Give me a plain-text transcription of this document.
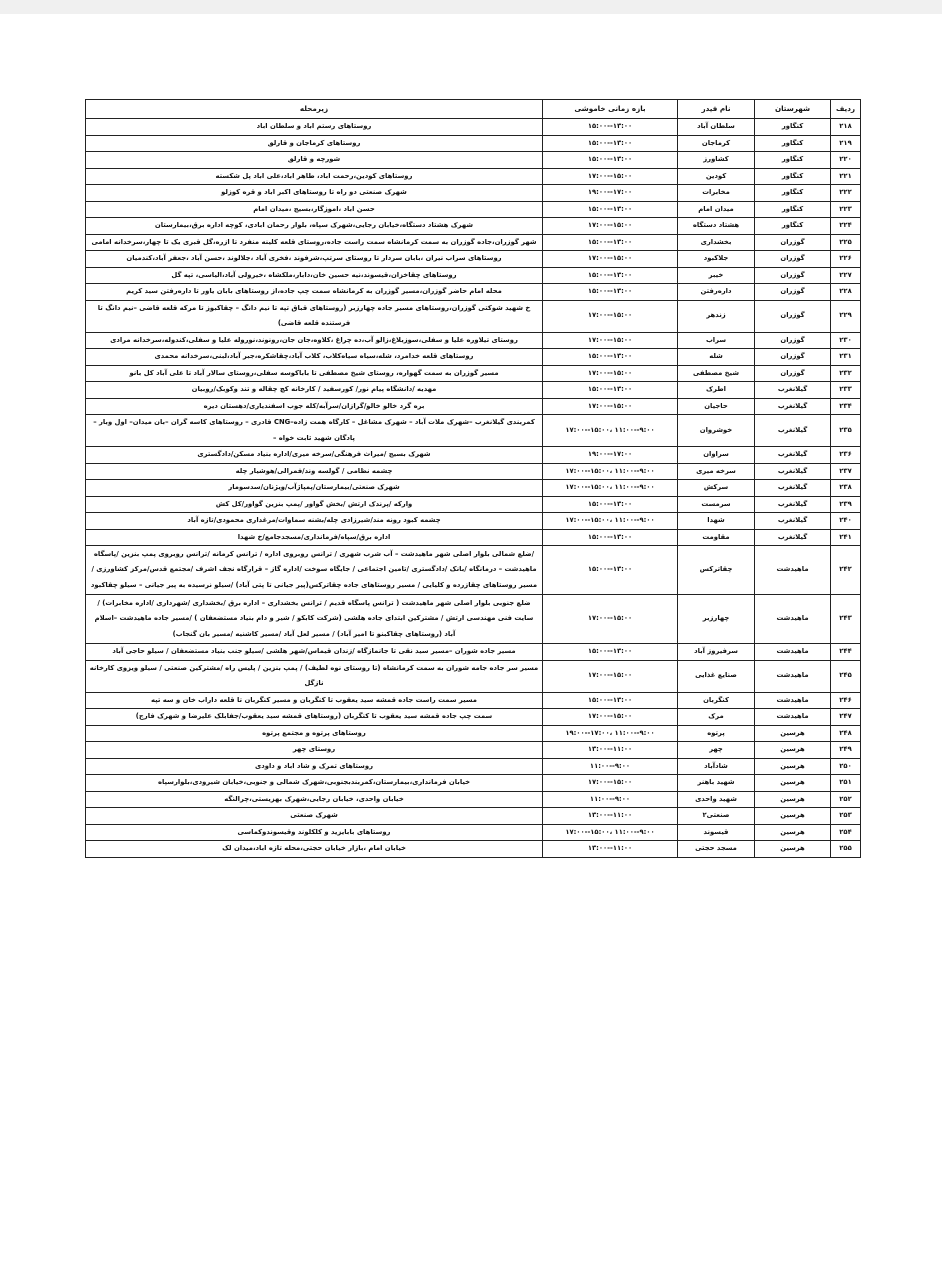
ردیف	شهرستان	نام فیدر	بازه زمانی خاموشی	زیرمحله
۲۱۸	کنگاور	سلطان آباد	۱۳:۰۰--۱۵:۰۰	روستاهای رستم اباد و سلطان اباد
۲۱۹	کنگاور	کرماجان	۱۳:۰۰--۱۵:۰۰	روستاهای کرماجان و قارلق
۲۲۰	کنگاور	کشاورز	۱۳:۰۰--۱۵:۰۰	شورچه و قارلق
۲۲۱	کنگاور	کودین	۱۵:۰۰--۱۷:۰۰	روستاهای کودین،رحمت اباد، طاهر اباد،علی اباد پل شکسته
۲۲۲	کنگاور	مخابرات	۱۷:۰۰--۱۹:۰۰	شهرک صنعتی دو راه تا روستاهای اکبر اباد و قره کوزلو
۲۲۳	کنگاور	میدان امام	۱۳:۰۰--۱۵:۰۰	حسن اباد ،اموزگار،بسیج ،میدان امام
۲۲۴	کنگاور	هشتاد دستگاه	۱۵:۰۰--۱۷:۰۰	شهرک هشتاد دستگاه،خیابان رجایی،شهرک سپاه، بلوار رحمان ابادی، کوچه اداره برق،بیمارستان
۲۲۵	گوزران	بخشداری	۱۳:۰۰--۱۵:۰۰	شهر گوزران،جاده گوزران به سمت کرمانشاه سمت راست جاده،روستای قلعه کلینه منفرد تا ازره،گل قبری یک تا چهار،سرخدانه امامی
۲۲۶	گوزران	جلاکبود	۱۵:۰۰--۱۷:۰۰	روستاهای سراب نیران ،بابان سردار تا روستای سرتپ،شرفوند ،فخری آباد ،جلالوند ،حسن آباد ،جعفر آباد،کندمیان
۲۲۷	گوزران	خیبر	۱۳:۰۰--۱۵:۰۰	روستاهای چقاخزان،قیسوند،نیه حسین خان،دابار،ملکشاه ،خیرولی آباد،الیاسی، تپه گل
۲۲۸	گوزران	داره‌رفتن	۱۳:۰۰--۱۵:۰۰	محله امام حاضر گوزران،مسیر گوزران به کرمانشاه سمت چپ جاده،از روستاهای بابان یاور تا داره‌رفتن سید کریم
۲۲۹	گوزران	زندهر	۱۵:۰۰--۱۷:۰۰	خ شهید شوکتی گوزران،روستاهای مسیر جاده چهارزبر (روستاهای قباق تپه تا نیم دانگ – چقاکبوز تا مرکه قلعه قاضی –نیم دانگ تا فرستنده قلعه قاضی)
۲۳۰	گوزران	سراب	۱۵:۰۰--۱۷:۰۰	روستای تیلاوره علیا و سفلی،سوزبلاغ،زالو آب،ده چراغ ،کلاوه،جان جان،رونوند،نوروله علیا و سفلی،کندوله،سرخدانه مرادی
۲۳۱	گوزران	شله	۱۳:۰۰--۱۵:۰۰	روستاهای قلعه خدامرد، شله،سیاه سیاه‌کلاب، کلاب آباد،چقاشکره،جبر آباد،لبنی،سرخدانه محمدی
۲۳۲	گوزران	شیخ مصطفی	۱۵:۰۰--۱۷:۰۰	مسیر گوزران به سمت گهواره، روستای شیخ مصطفی تا باباکوسه سفلی،روستای سالار آباد تا علی آباد کل بانو
۲۳۳	گیلانغرب	اطرک	۱۳:۰۰--۱۵:۰۰	مهدیه /دانشگاه پیام نور/ کورسفید / کارخانه کچ چقاله و تند وکوبک/روبیان
۲۳۴	گیلانغرب	حاجیان	۱۵:۰۰--۱۷:۰۰	بره گرد خالو خالو/گرازان/سرآبه/کله جوب اسفندیاری/دهستان دیره
۲۳۵	گیلانغرب	خوشروان	۹:۰۰--۱۱:۰۰ ،۱۵:۰۰--۱۷:۰۰	کمربندی گیلانغرب –شهرک ملات آباد – شهرک مشاغل – کارگاه همت زاده–CNG قادری – روستاهای کاسه گران –بان میدان– اول وبار – پادگان شهید ثابت خواه –
۲۳۶	گیلانغرب	سراوان	۱۷:۰۰--۱۹:۰۰	شهرک بسیج /میراث فرهنگی/سرخه میری/اداره بنیاد مسکن/دادگستری
۲۳۷	گیلانغرب	سرخه میری	۹:۰۰--۱۱:۰۰ ،۱۵:۰۰--۱۷:۰۰	چشمه نظامی / گولسه وند/فمرالی/هوشیار چله
۲۳۸	گیلانغرب	سرکش	۹:۰۰--۱۱:۰۰ ،۱۵:۰۰--۱۷:۰۰	شهرک صنعتی/بیمارستان/پمپاژآب/ویژنان/سدسومار
۲۳۹	گیلانغرب	سرمست	۱۳:۰۰--۱۵:۰۰	وارکه /پرندک ارتش /بخش گواور /پمپ بنزین گواور/کل کش
۲۴۰	گیلانغرب	شهدا	۹:۰۰--۱۱:۰۰ ،۱۵:۰۰--۱۷:۰۰	چشمه کبود رونه مند/شیرزادی چله/بشنه سماوات/مرغداری محمودی/تازه آباد
۲۴۱	گیلانغرب	مقاومت	۱۳:۰۰--۱۵:۰۰	اداره برق/سپاه/فرمانداری/مسجدجامع/خ شهدا
۲۴۲	ماهیدشت	چقاترکس	۱۳:۰۰--۱۵:۰۰	/ضلع شمالی بلوار اصلی شهر ماهیدشت – آب شرب شهری / ترانس روبروی اداره / ترانس کرمانه /ترانس روبروی پمپ بنزین /پاسگاه ماهیدشت – درمانگاه /بانک /دادگستری /تامین اجتماعی / جایگاه سوخت /اداره گاز – قرارگاه نجف اشرف /مجتمع قدس/مرکز کشاورزی /مسیر روستاهای چقازرده و کلیایی / مسیر روستاهای جاده چقاترکس(پیر جیانی تا پتی آباد) /سیلو نرسیده به پیر جیانی – سیلو چقاکبود
۲۴۳	ماهیدشت	چهارزبر	۱۵:۰۰--۱۷:۰۰	ضلع جنوبی بلوار اصلی شهر ماهیدشت ( ترانس پاسگاه قدیم / ترانس بخشداری – اداره برق /بخشداری /شهرداری /اداره مخابرات) /سایت فنی مهندسی ارتش / مشترکین ابتدای جاده هلشی (شرکت کابکو / شیر و دام بنیاد مستضعفان ) /مسیر جاده ماهیدشت –اسلام آباد (روستاهای چقاکبنو تا امیر آباد) / مسیر لعل آباد /مسیر کاشنیه /مسیر بان گنجاب)
۲۴۴	ماهیدشت	سرفیروز آباد	۱۳:۰۰--۱۵:۰۰	مسیر جاده شوران –مسیر سید نقی تا جانمازگاه /زندان قیماس/شهر هلشی /سیلو جنب بنیاد مستضعفان / سیلو حاجی آباد
۲۴۵	ماهیدشت	صنایع غذایی	۱۵:۰۰--۱۷:۰۰	مسیر سر جاده جامه شوران به سمت کرمانشاه (تا روستای نوه لطیف) / پمپ بنزین / پلیس راه /مشترکین صنعتی / سیلو ویزوی کارخانه نازگل
۲۴۶	ماهیدشت	کنگربان	۱۳:۰۰--۱۵:۰۰	مسیر سمت راست جاده قمشه سید یعقوب تا کنگربان و مسیر کنگربان تا قلعه داراب خان و سه تپه
۲۴۷	ماهیدشت	مرک	۱۵:۰۰--۱۷:۰۰	سمت چپ جاده قمشه سید یعقوب تا کنگربان (روستاهای قمشه سید یعقوب/جفابلک علیرضا و شهرک فارج)
۲۴۸	هرسین	پرتوه	۹:۰۰--۱۱:۰۰ ،۱۷:۰۰--۱۹:۰۰	روستاهای پرتوه و مجتمع پرتوه
۲۴۹	هرسین	چهر	۱۱:۰۰--۱۳:۰۰	روستای چهر
۲۵۰	هرسین	شادآباد	۹:۰۰--۱۱:۰۰	روستاهای تمرک و شاد اباد و داودی
۲۵۱	هرسین	شهید باهنر	۱۵:۰۰--۱۷:۰۰	خیابان فرمانداری،بیمارستان،کمربندبجنوبی،شهرک شمالی و جنوبی،خیابان شیرودی،بلوارسپاه
۲۵۲	هرسین	شهید واحدی	۹:۰۰--۱۱:۰۰	خیابان واحدی، خیابان رجایی،شهرک بهزیستی،چرالنگه
۲۵۳	هرسین	صنعتی۲	۱۱:۰۰--۱۳:۰۰	شهرک صنعتی
۲۵۴	هرسین	قیسوند	۹:۰۰--۱۱:۰۰ ،۱۵:۰۰--۱۷:۰۰	روستاهای بابایزید و کلکلوند وقیسوندوکماسی
۲۵۵	هرسین	مسجد حجتی	۱۱:۰۰--۱۳:۰۰	خیابان امام ،بازار خیابان حجتی،محله تازه اباد،میدان لک
